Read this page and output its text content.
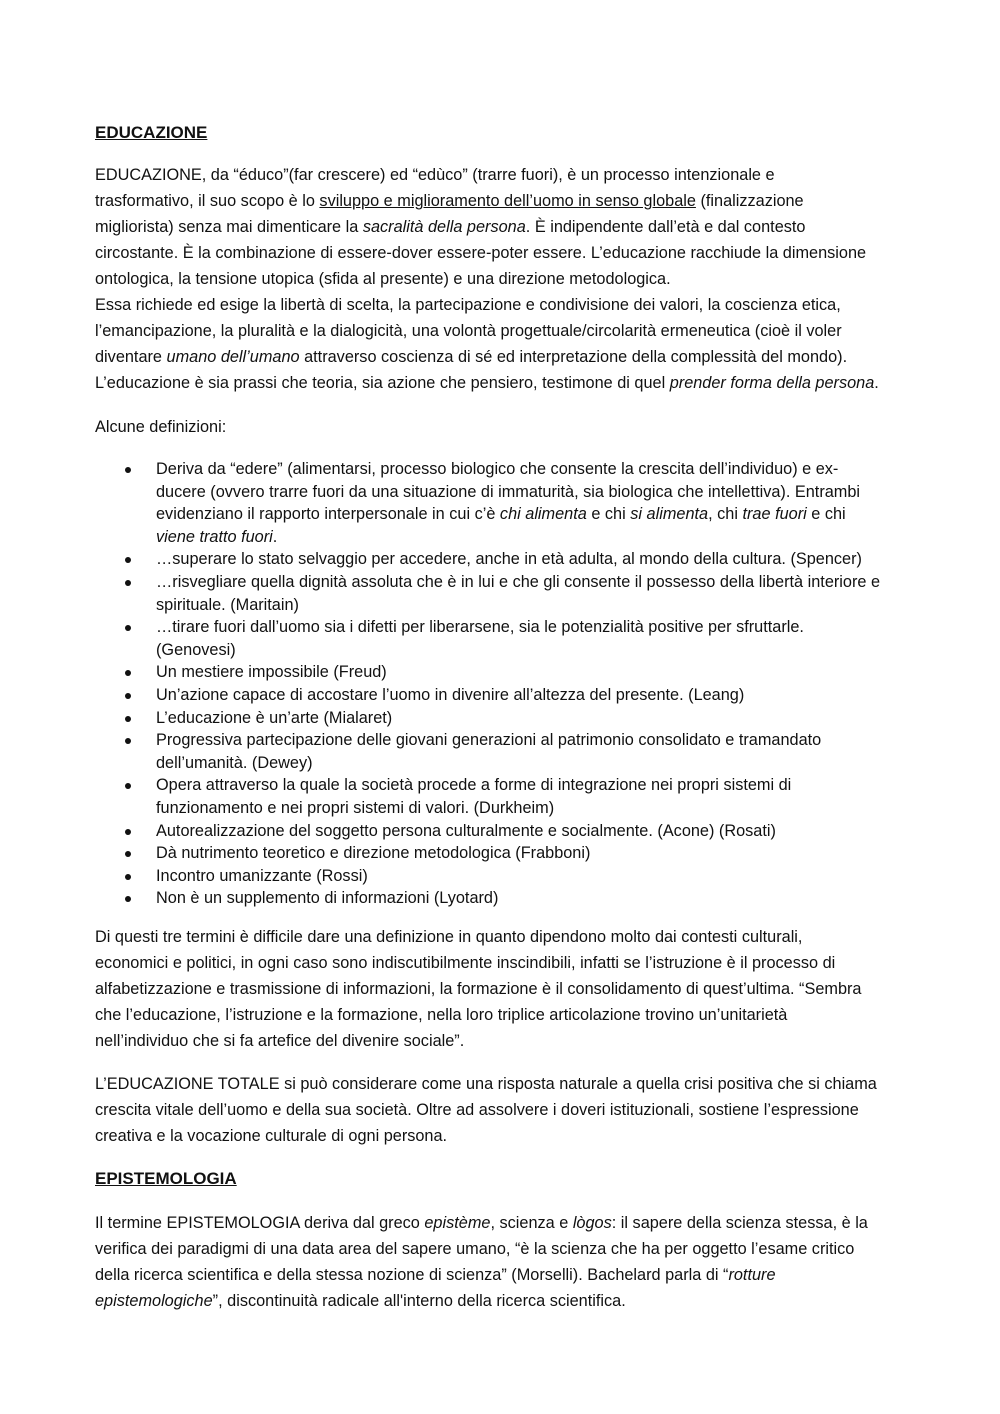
EDUCAZIONE
EDUCAZIONE, da “éduco”(far crescere) ed “edùco” (trarre fuori), è un processo intenzionale e
trasformativo, il suo scopo è lo sviluppo e miglioramento dell’uomo in senso globale (finalizzazione
migliorista) senza mai dimenticare la sacralità della persona. È indipendente dall’età e dal contesto
circostante. È la combinazione di essere-dover essere-poter essere. L’educazione racchiude la dimensione
ontologica, la tensione utopica (sfida al presente) e una direzione metodologica.
Essa richiede ed esige la libertà di scelta, la partecipazione e condivisione dei valori, la coscienza etica,
l’emancipazione, la pluralità e la dialogicità, una volontà progettuale/circolarità ermeneutica (cioè il voler
diventare umano dell’umano attraverso coscienza di sé ed interpretazione della complessità del mondo).
L’educazione è sia prassi che teoria, sia azione che pensiero, testimone di quel prender forma della persona.

Alcune definizioni:

Deriva da “edere” (alimentarsi, processo biologico che consente la crescita dell’individuo) e ex-
ducere (ovvero trarre fuori da una situazione di immaturità, sia biologica che intellettiva). Entrambi
evidenziano il rapporto interpersonale in cui c’è chi alimenta e chi si alimenta, chi trae fuori e chi
viene tratto fuori.
…superare lo stato selvaggio per accedere, anche in età adulta, al mondo della cultura. (Spencer)
…risvegliare quella dignità assoluta che è in lui e che gli consente il possesso della libertà interiore e
spirituale. (Maritain)
…tirare fuori dall’uomo sia i difetti per liberarsene, sia le potenzialità positive per sfruttarle.
(Genovesi)
Un mestiere impossibile (Freud)
Un’azione capace di accostare l’uomo in divenire all’altezza del presente. (Leang)
L’educazione è un’arte (Mialaret)
Progressiva partecipazione delle giovani generazioni al patrimonio consolidato e tramandato
dell’umanità. (Dewey)
Opera attraverso la quale la società procede a forme di integrazione nei propri sistemi di
funzionamento e nei propri sistemi di valori. (Durkheim)
Autorealizzazione del soggetto persona culturalmente e socialmente. (Acone) (Rosati)
Dà nutrimento teoretico e direzione metodologica (Frabboni)
Incontro umanizzante (Rossi)
Non è un supplemento di informazioni (Lyotard)
Di questi tre termini è difficile dare una definizione in quanto dipendono molto dai contesti culturali,
economici e politici, in ogni caso sono indiscutibilmente inscindibili, infatti se l’istruzione è il processo di
alfabetizzazione e trasmissione di informazioni, la formazione è il consolidamento di quest’ultima. “Sembra
che l’educazione, l’istruzione e la formazione, nella loro triplice articolazione trovino un’unitarietà
nell’individuo che si fa artefice del divenire sociale”.
L’EDUCAZIONE TOTALE si può considerare come una risposta naturale a quella crisi positiva che si chiama
crescita vitale dell’uomo e della sua società. Oltre ad assolvere i doveri istituzionali, sostiene l’espressione
creativa e la vocazione culturale di ogni persona.
EPISTEMOLOGIA
Il termine EPISTEMOLOGIA deriva dal greco epistème, scienza e lògos: il sapere della scienza stessa, è la
verifica dei paradigmi di una data area del sapere umano, “è la scienza che ha per oggetto l’esame critico
della ricerca scientifica e della stessa nozione di scienza” (Morselli). Bachelard parla di “rotture
epistemologiche”, discontinuità radicale all'interno della ricerca scientifica.
